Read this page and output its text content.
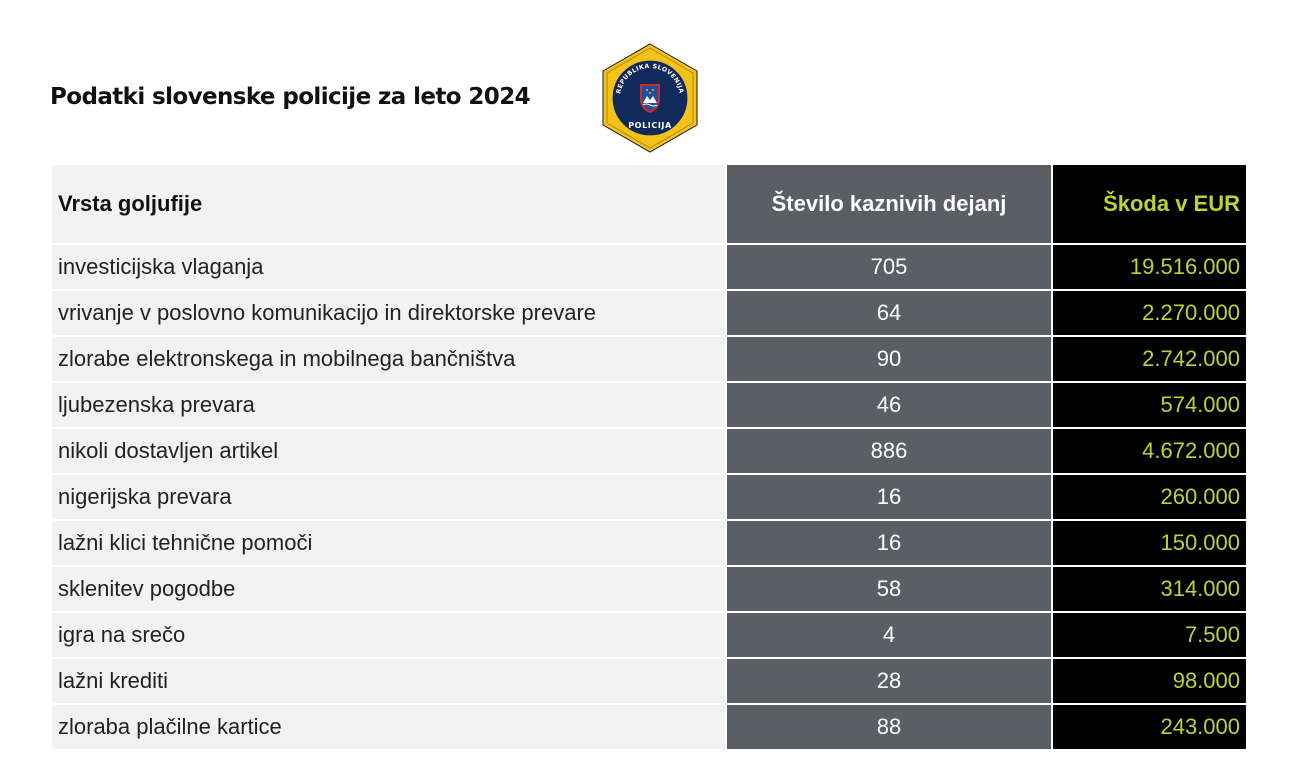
Podatki slovenske policije za leto 2024	REPUBLIKA SLOVENIJA
POLICIJA
Vrsta goljufije	Število kaznivih dejanj	Škoda v EUR
investicijska vlaganja	705	19.516.000
vrivanje v poslovno komunikacijo in direktorske prevare	64	2.270.000
zlorabe elektronskega in mobilnega bančništva	90	2.742.000
ljubezenska prevara	46	574.000
nikoli dostavljen artikel	886	4.672.000
nigerijska prevara	16	260.000
lažni klici tehnične pomoči	16	150.000
sklenitev pogodbe	58	314.000
igra na srečo	4	7.500
lažni krediti	28	98.000
zloraba plačilne kartice	88	243.000
